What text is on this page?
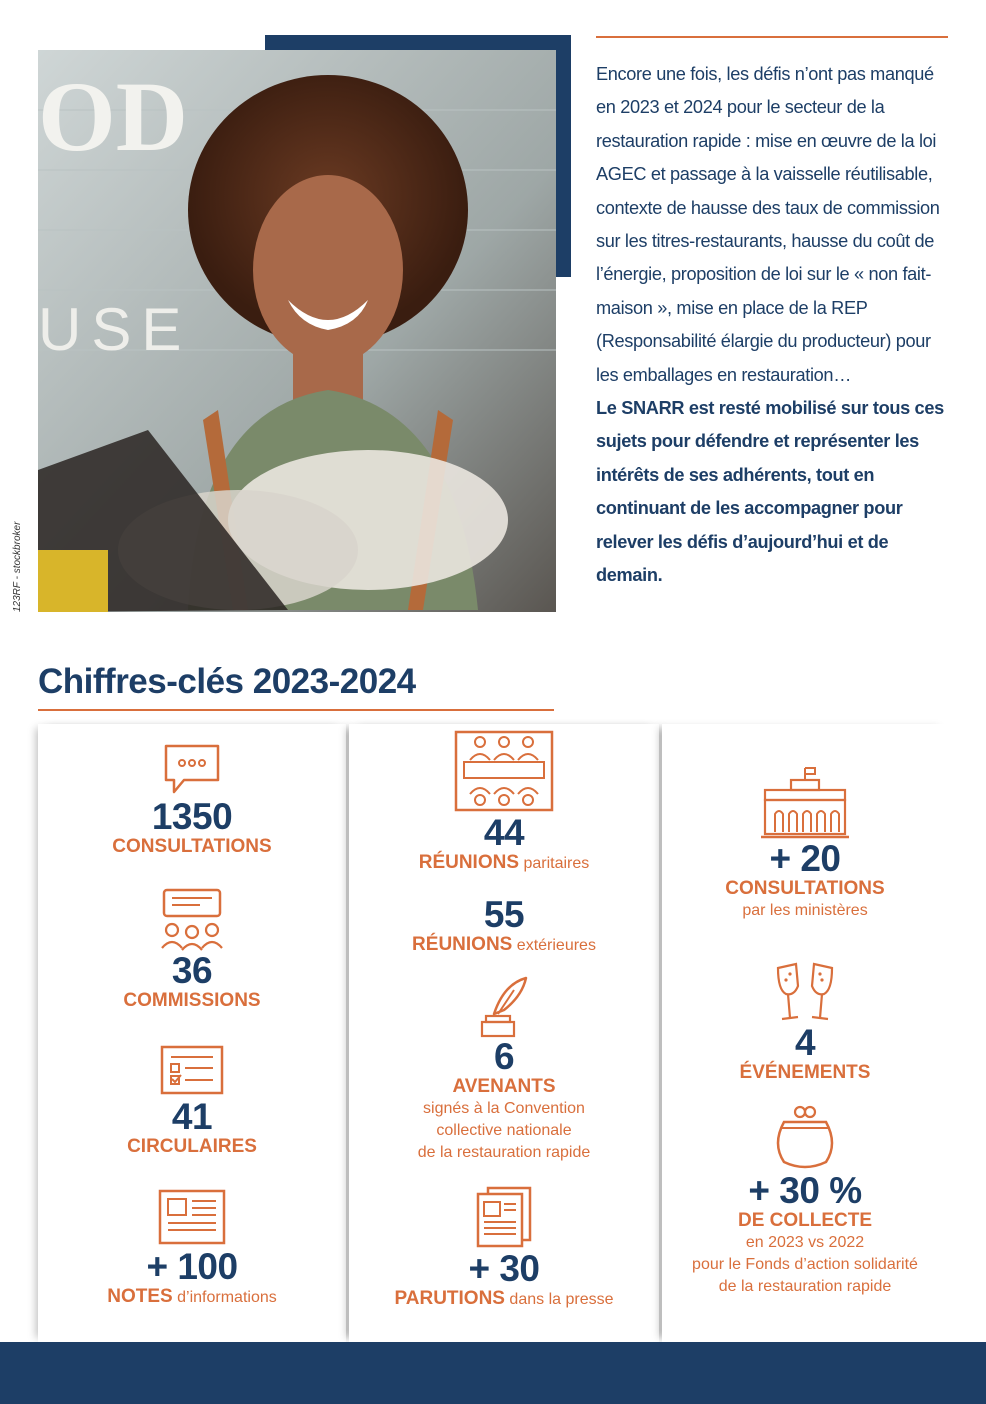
OD
USE
123RF - stockbroker

Encore une fois, les défis n’ont pas manqué en 2023 et 2024 pour le secteur de la restauration rapide : mise en œuvre de la loi AGEC et passage à la vaisselle réutilisable, contexte de hausse des taux de commission sur les titres-restaurants, hausse du coût de l’énergie, proposition de loi sur le « non fait-maison », mise en place de la REP (Responsabilité élargie du producteur) pour les emballages en restauration…

Le SNARR est resté mobilisé sur tous ces sujets pour défendre et représenter les intérêts de ses adhérents, tout en continuant de les accompagner pour relever les défis d’aujourd’hui et de demain.

Chiffres-clés 2023-2024
1350
CONSULTATIONS
36
COMMISSIONS
41
CIRCULAIRES
+ 100
NOTES d’informations
44
RÉUNIONS paritaires
55
RÉUNIONS extérieures
6
AVENANTS
signés à la Convention
collective nationale
de la restauration rapide
+ 30
PARUTIONS dans la presse
+ 20
CONSULTATIONS
par les ministères
4
ÉVÉNEMENTS
+ 30 %
DE COLLECTE
en 2023 vs 2022
pour le Fonds d’action solidarité
de la restauration rapide
